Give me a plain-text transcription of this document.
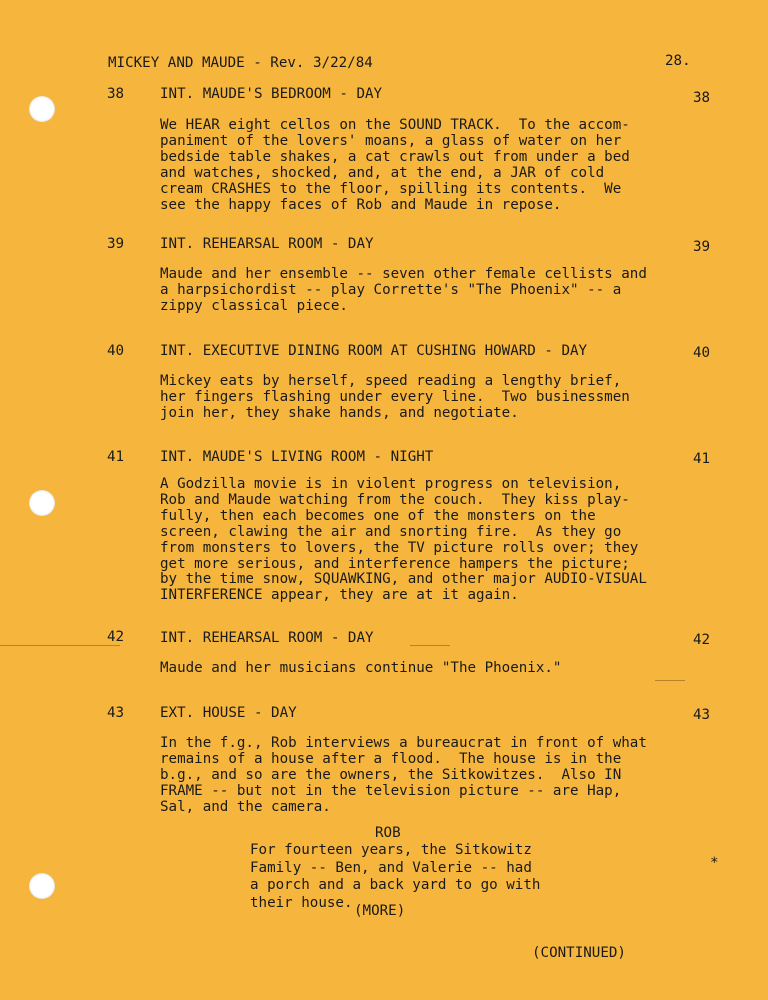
MICKEY AND MAUDE - Rev. 3/22/84	28.
38	INT. MAUDE'S BEDROOM - DAY	38
We HEAR eight cellos on the SOUND TRACK.  To the accom-
paniment of the lovers' moans, a glass of water on her
bedside table shakes, a cat crawls out from under a bed
and watches, shocked, and, at the end, a JAR of cold
cream CRASHES to the floor, spilling its contents.  We
see the happy faces of Rob and Maude in repose.
39	INT. REHEARSAL ROOM - DAY	39
Maude and her ensemble -- seven other female cellists and
a harpsichordist -- play Corrette's "The Phoenix" -- a
zippy classical piece.
40	INT. EXECUTIVE DINING ROOM AT CUSHING HOWARD - DAY	40
Mickey eats by herself, speed reading a lengthy brief,
her fingers flashing under every line.  Two businessmen
join her, they shake hands, and negotiate.
41	INT. MAUDE'S LIVING ROOM - NIGHT	41
A Godzilla movie is in violent progress on television,
Rob and Maude watching from the couch.  They kiss play-
fully, then each becomes one of the monsters on the
screen, clawing the air and snorting fire.  As they go
from monsters to lovers, the TV picture rolls over; they
get more serious, and interference hampers the picture;
by the time snow, SQUAWKING, and other major AUDIO-VISUAL
INTERFERENCE appear, they are at it again.
42	INT. REHEARSAL ROOM - DAY	42
Maude and her musicians continue "The Phoenix."
43	EXT. HOUSE - DAY	43
In the f.g., Rob interviews a bureaucrat in front of what
remains of a house after a flood.  The house is in the
b.g., and so are the owners, the Sitkowitzes.  Also IN
FRAME -- but not in the television picture -- are Hap,
Sal, and the camera.
ROB
For fourteen years, the Sitkowitz
Family -- Ben, and Valerie -- had
a porch and a back yard to go with
their house.
(MORE)
*
(CONTINUED)
